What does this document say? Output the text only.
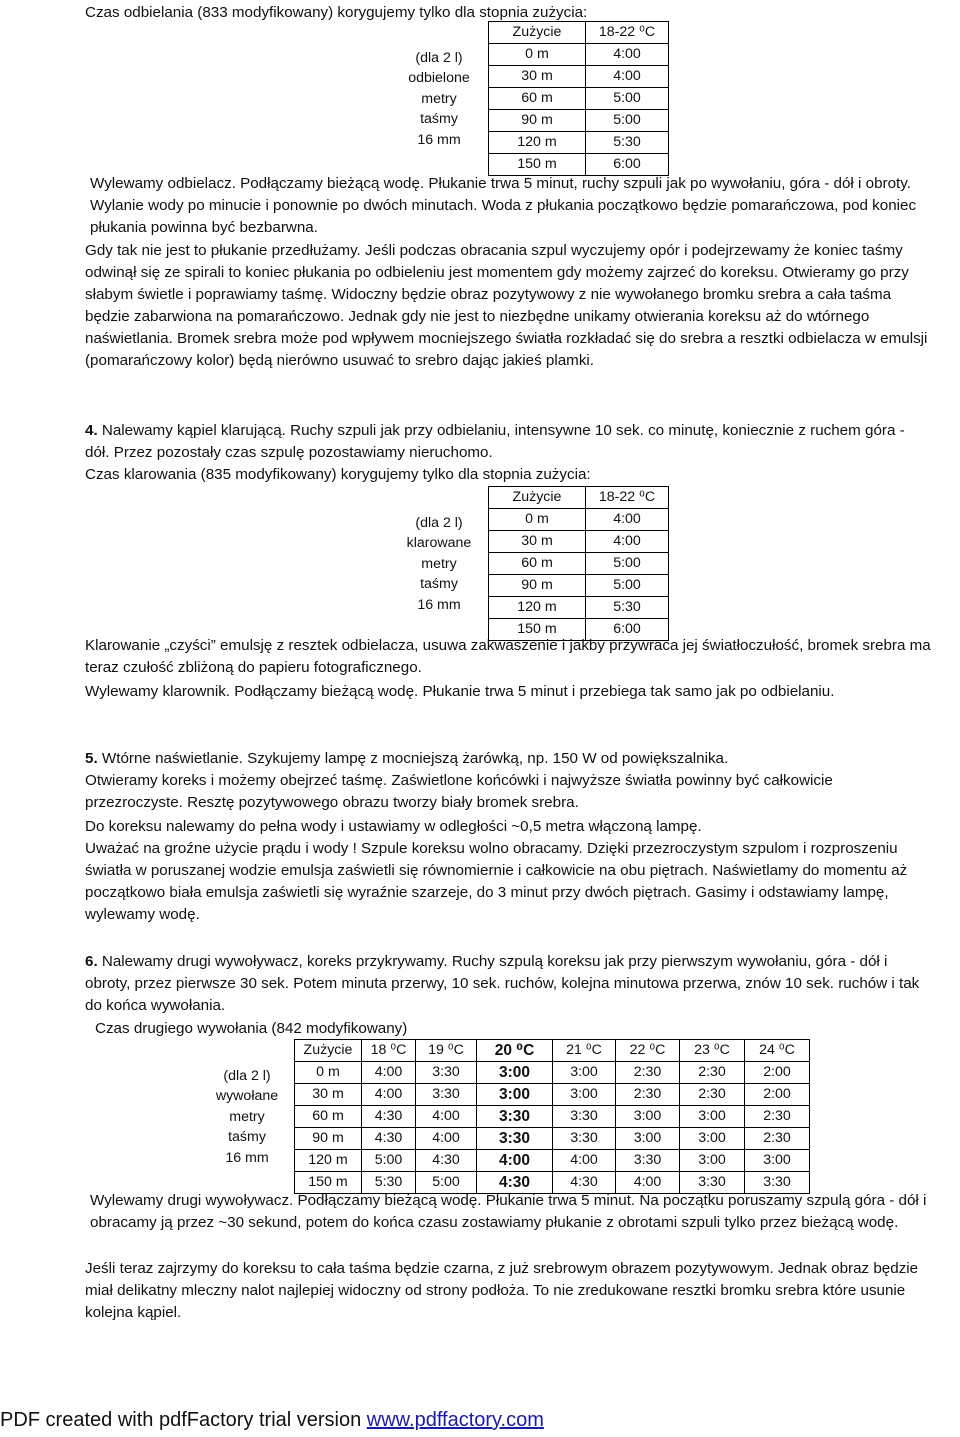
Czas odbielania (833 modyfikowany) korygujemy tylko dla stopnia zużycia:

	Zużycie	18-22 ⁰C

(dla 2 l)
odbielone
metry
taśmy
16 mm	0 m	4:00
	30 m	4:00
	60 m	5:00
	90 m	5:00
	120 m	5:30
	150 m	6:00

Wylewamy odbielacz. Podłączamy bieżącą wodę. Płukanie trwa 5 minut, ruchy szpuli jak po wywołaniu, góra - dół i obroty. Wylanie wody po minucie i ponownie po dwóch minutach. Woda z płukania początkowo będzie pomarańczowa, pod koniec płukania powinna być bezbarwna.

Gdy tak nie jest to płukanie przedłużamy. Jeśli podczas obracania szpul wyczujemy opór i podejrzewamy że koniec taśmy odwinął się ze spirali to koniec płukania po odbieleniu jest momentem gdy możemy zajrzeć do koreksu. Otwieramy go przy słabym świetle i poprawiamy taśmę. Widoczny będzie obraz pozytywowy z nie wywołanego bromku srebra a cała taśma będzie zabarwiona na pomarańczowo. Jednak gdy nie jest to niezbędne unikamy otwierania koreksu aż do wtórnego naświetlania. Bromek srebra może pod wpływem mocniejszego światła rozkładać się do srebra a resztki odbielacza w emulsji (pomarańczowy kolor) będą nierówno usuwać to srebro dając jakieś plamki.

4. Nalewamy kąpiel klarującą. Ruchy szpuli jak przy odbielaniu, intensywne 10 sek. co minutę, koniecznie z ruchem góra - dół. Przez pozostały czas szpulę pozostawiamy nieruchomo.

Czas klarowania (835 modyfikowany) korygujemy tylko dla stopnia zużycia:

	Zużycie	18-22 ⁰C

(dla 2 l)
klarowane
metry
taśmy
16 mm	0 m	4:00
	30 m	4:00
	60 m	5:00
	90 m	5:00
	120 m	5:30
	150 m	6:00

Klarowanie „czyści” emulsję z resztek odbielacza, usuwa zakwaszenie i jakby przywraca jej światłoczułość, bromek srebra ma teraz czułość zbliżoną do papieru fotograficznego.

Wylewamy klarownik. Podłączamy bieżącą wodę. Płukanie trwa 5 minut i przebiega tak samo jak po odbielaniu.

5. Wtórne naświetlanie. Szykujemy lampę z mocniejszą żarówką, np. 150 W od powiększalnika.

Otwieramy koreks i możemy obejrzeć taśmę. Zaświetlone końcówki i najwyższe światła powinny być całkowicie przezroczyste. Resztę pozytywowego obrazu tworzy biały bromek srebra.

Do koreksu nalewamy do pełna wody i ustawiamy w odległości ~0,5 metra włączoną lampę.

Uważać na groźne użycie prądu i wody ! Szpule koreksu wolno obracamy. Dzięki przezroczystym szpulom i rozproszeniu światła w poruszanej wodzie emulsja zaświetli się równomiernie i całkowicie na obu piętrach. Naświetlamy do momentu aż początkowo biała emulsja zaświetli się wyraźnie szarzeje, do 3 minut przy dwóch piętrach. Gasimy i odstawiamy lampę, wylewamy wodę.

6. Nalewamy drugi wywoływacz, koreks przykrywamy. Ruchy szpulą koreksu jak przy pierwszym wywołaniu, góra - dół i obroty, przez pierwsze 30 sek. Potem minuta przerwy, 10 sek. ruchów, kolejna minutowa przerwa, znów 10 sek. ruchów i tak do końca wywołania.

Czas drugiego wywołania (842 modyfikowany)

	Zużycie	18 ⁰C	19 ⁰C	20 ⁰C	21 ⁰C	22 ⁰C	23 ⁰C	24 ⁰C

(dla 2 l)
wywołane
metry
taśmy
16 mm	0 m	4:00	3:30	3:00	3:00	2:30	2:30	2:00
	30 m	4:00	3:30	3:00	3:00	2:30	2:30	2:00
	60 m	4:30	4:00	3:30	3:30	3:00	3:00	2:30
	90 m	4:30	4:00	3:30	3:30	3:00	3:00	2:30
	120 m	5:00	4:30	4:00	4:00	3:30	3:00	3:00
	150 m	5:30	5:00	4:30	4:30	4:00	3:30	3:30

Wylewamy drugi wywoływacz. Podłączamy bieżącą wodę. Płukanie trwa 5 minut. Na początku poruszamy szpulą góra - dół i obracamy ją przez ~30 sekund, potem do końca czasu zostawiamy płukanie z obrotami szpuli tylko przez bieżącą wodę.

Jeśli teraz zajrzymy do koreksu to cała taśma będzie czarna, z już srebrowym obrazem pozytywowym. Jednak obraz będzie miał delikatny mleczny nalot najlepiej widoczny od strony podłoża. To nie zredukowane resztki bromku srebra które usunie kolejna kąpiel.

PDF created with pdfFactory trial version www.pdffactory.com
